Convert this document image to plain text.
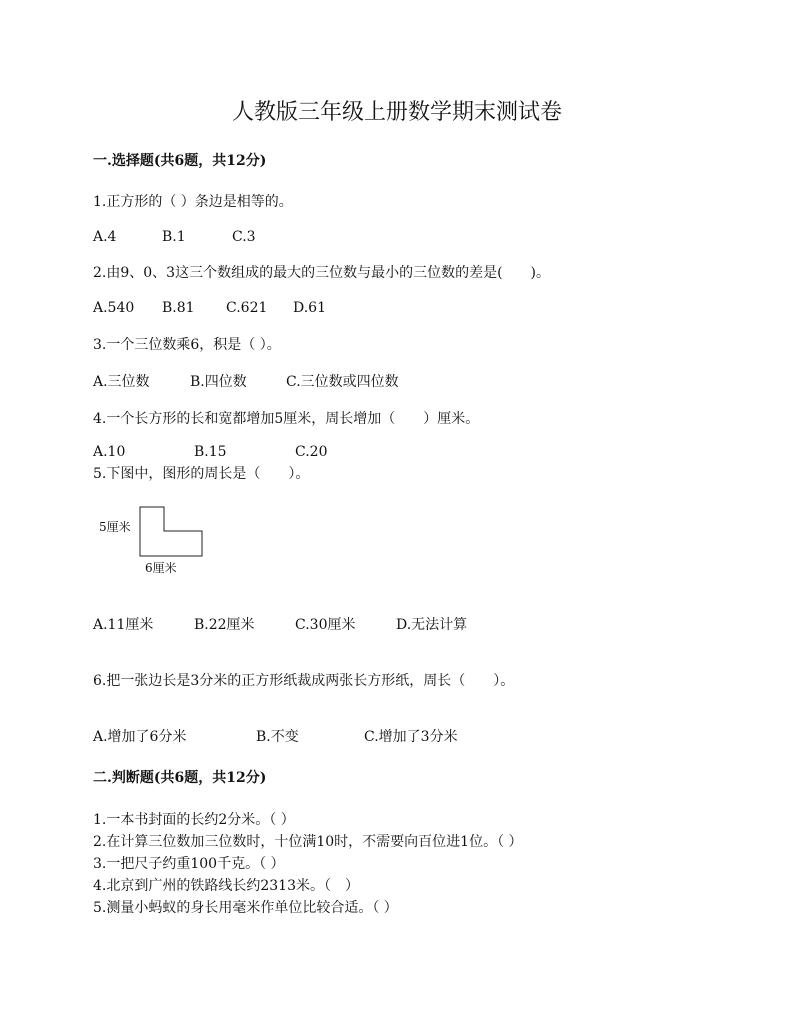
人教版三年级上册数学期末测试卷
一.选择题(共6题，共12分)
1.正方形的（ ）条边是相等的。
A.4	B.1	C.3
2.由9、0、3这三个数组成的最大的三位数与最小的三位数的差是(　　)。
A.540 B.81 C.621 D.61
3.一个三位数乘6，积是（ ）。
A.三位数	B.四位数	C.三位数或四位数
4.一个长方形的长和宽都增加5厘米，周长增加（　　）厘米。
A.10	B.15	C.20
5.下图中，图形的周长是（　　）。
5厘米
6厘米
A.11厘米	B.22厘米	C.30厘米	D.无法计算
6.把一张边长是3分米的正方形纸裁成两张长方形纸，周长（　　）。
A.增加了6分米	B.不变	C.增加了3分米
二.判断题(共6题，共12分)
1.一本书封面的长约2分米。（ ）
2.在计算三位数加三位数时，十位满10时，不需要向百位进1位。（ ）
3.一把尺子约重100千克。（ ）
4.北京到广州的铁路线长约2313米。（　）
5.测量小蚂蚁的身长用毫米作单位比较合适。（ ）
